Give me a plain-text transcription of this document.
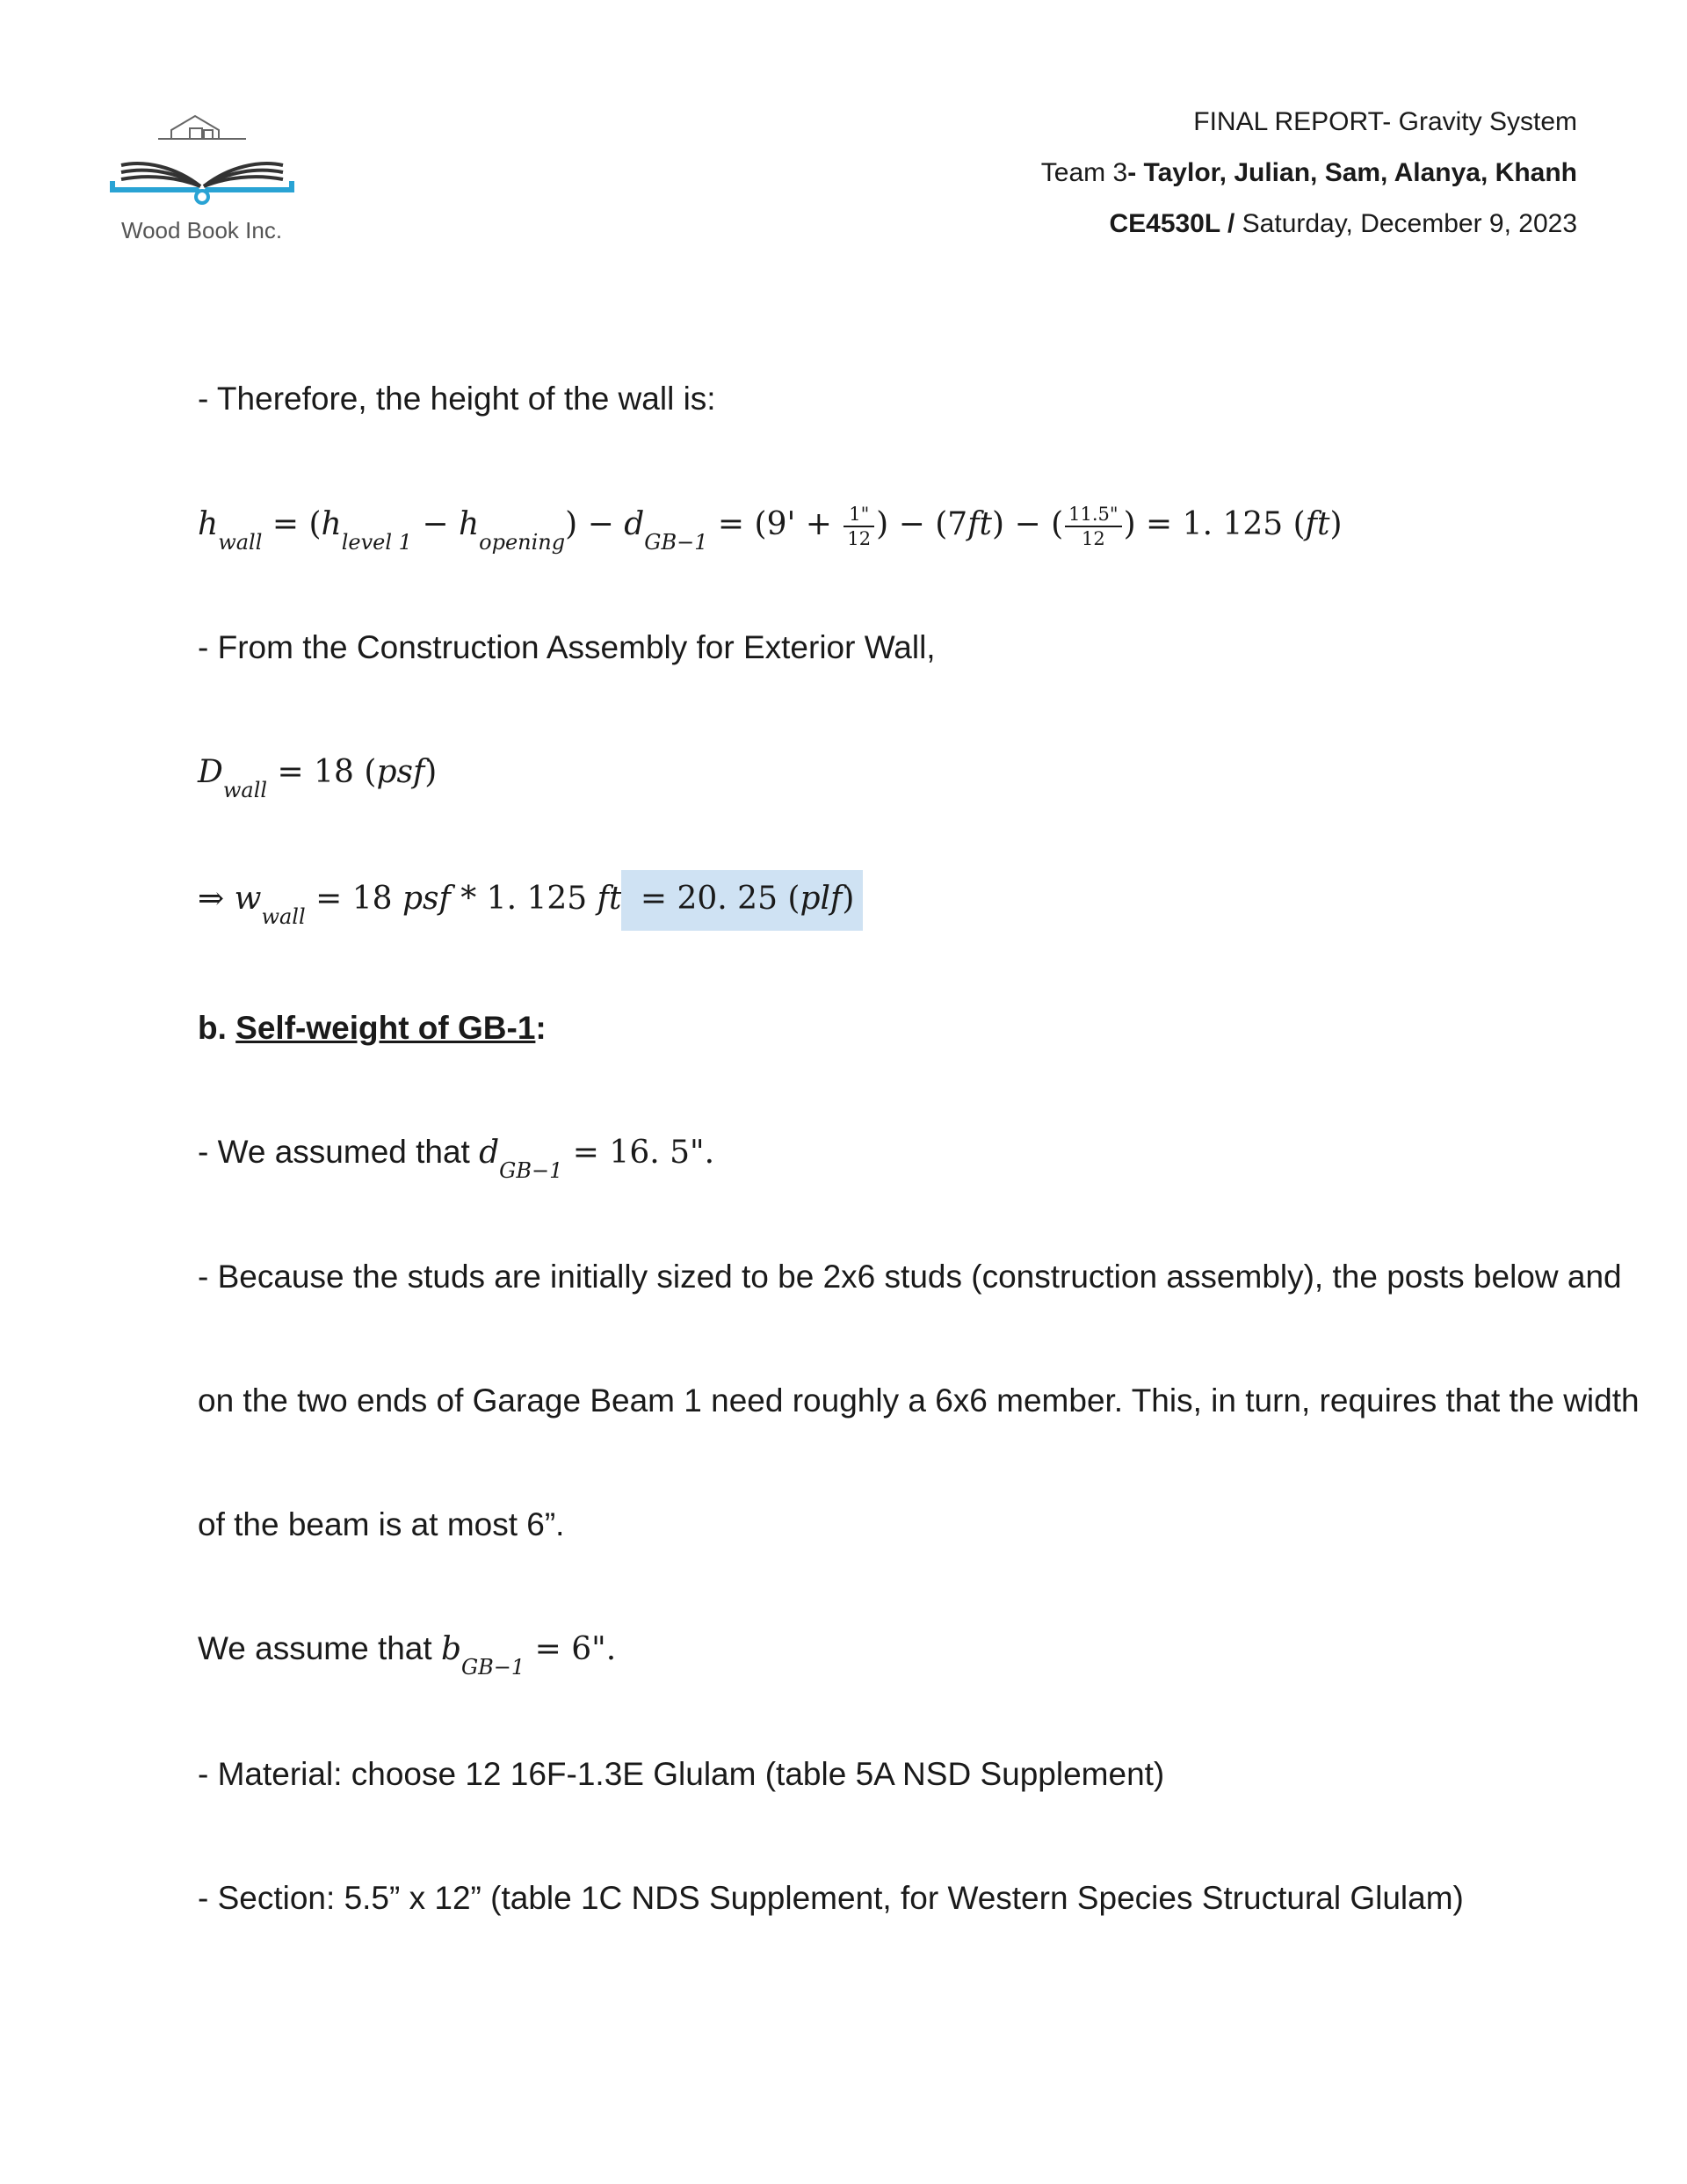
Wood Book Inc.
FINAL REPORT- Gravity System
Team 3- Taylor, Julian, Sam, Alanya, Khanh
CE4530L / Saturday, December 9, 2023
- Therefore, the height of the wall is:
$h_{wall} = (h_{level 1} - h_{opening}) - d_{GB-1} = (9' + \frac{1"}{12}$ ) − (7ft) − ( $\frac{11.5"}{12}$ ) = 1. 125 (ft)
- From the Construction Assembly for Exterior Wall,
$D_{wall} = 18$ (psf)
⇒ $w_{wall} = 18$ psf * 1. 125 ft = 20. 25 (plf)
b. Self-weight of GB-1:
- We assumed that $d_{GB-1} = 16$. 5".
- Because the studs are initially sized to be 2x6 studs (construction assembly), the posts below and
on the two ends of Garage Beam 1 need roughly a 6x6 member. This, in turn, requires that the width
of the beam is at most 6”.
We assume that $b_{GB-1} = 6$".
- Material: choose 12 16F-1.3E Glulam (table 5A NSD Supplement)
- Section: 5.5” x 12” (table 1C NDS Supplement, for Western Species Structural Glulam)
